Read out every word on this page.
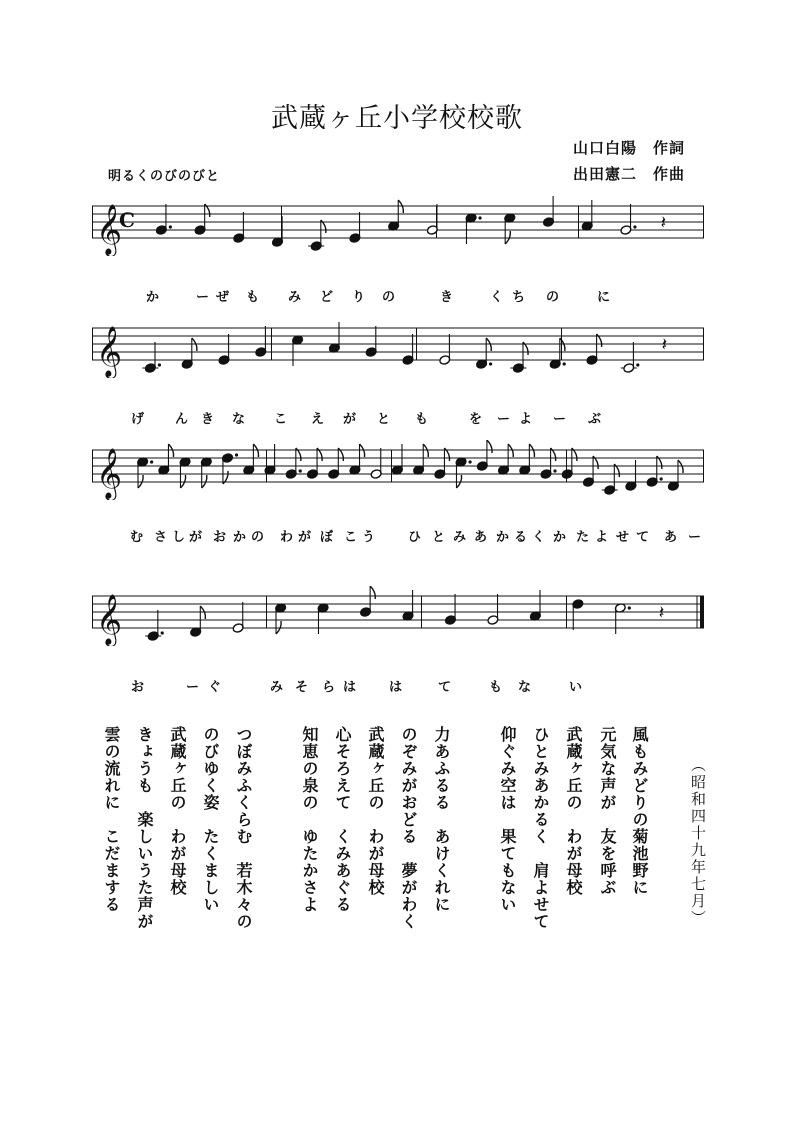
武蔵ヶ丘小学校校歌
山口白陽　作詞
出田憲二　作曲
明るくのびのびと
𝄞
C	𝄽
𝄞	𝄽
𝄞
𝄞	𝄽
か	ー ぜ も み ど り の	き	く ち の	に
げ ん き な こ え が と も	を ー よ ー ぶ
む さ し が お か の わ が ぼ こ う	ひ と み あ か る く か た よ せ て あ ー
お	ー ぐ	み そ ら は	は	て	も な	い
風もみどりの菊池野に
元気な声が　友を呼ぶ
武蔵ヶ丘の　わが母校
ひとみあかるく　肩よせて
仰ぐみ空は　果てもない
力あふるる　あけくれに
のぞみがおどる　夢がわく
武蔵ヶ丘の　わが母校
心そろえて　くみあぐる
知恵の泉の　ゆたかさよ
つぼみふくらむ　若木々の
のびゆく姿　たくましい
武蔵ヶ丘の　わが母校
きょうも　楽しいうた声が
雲の流れに　こだまする	（昭和四十九年七月）
